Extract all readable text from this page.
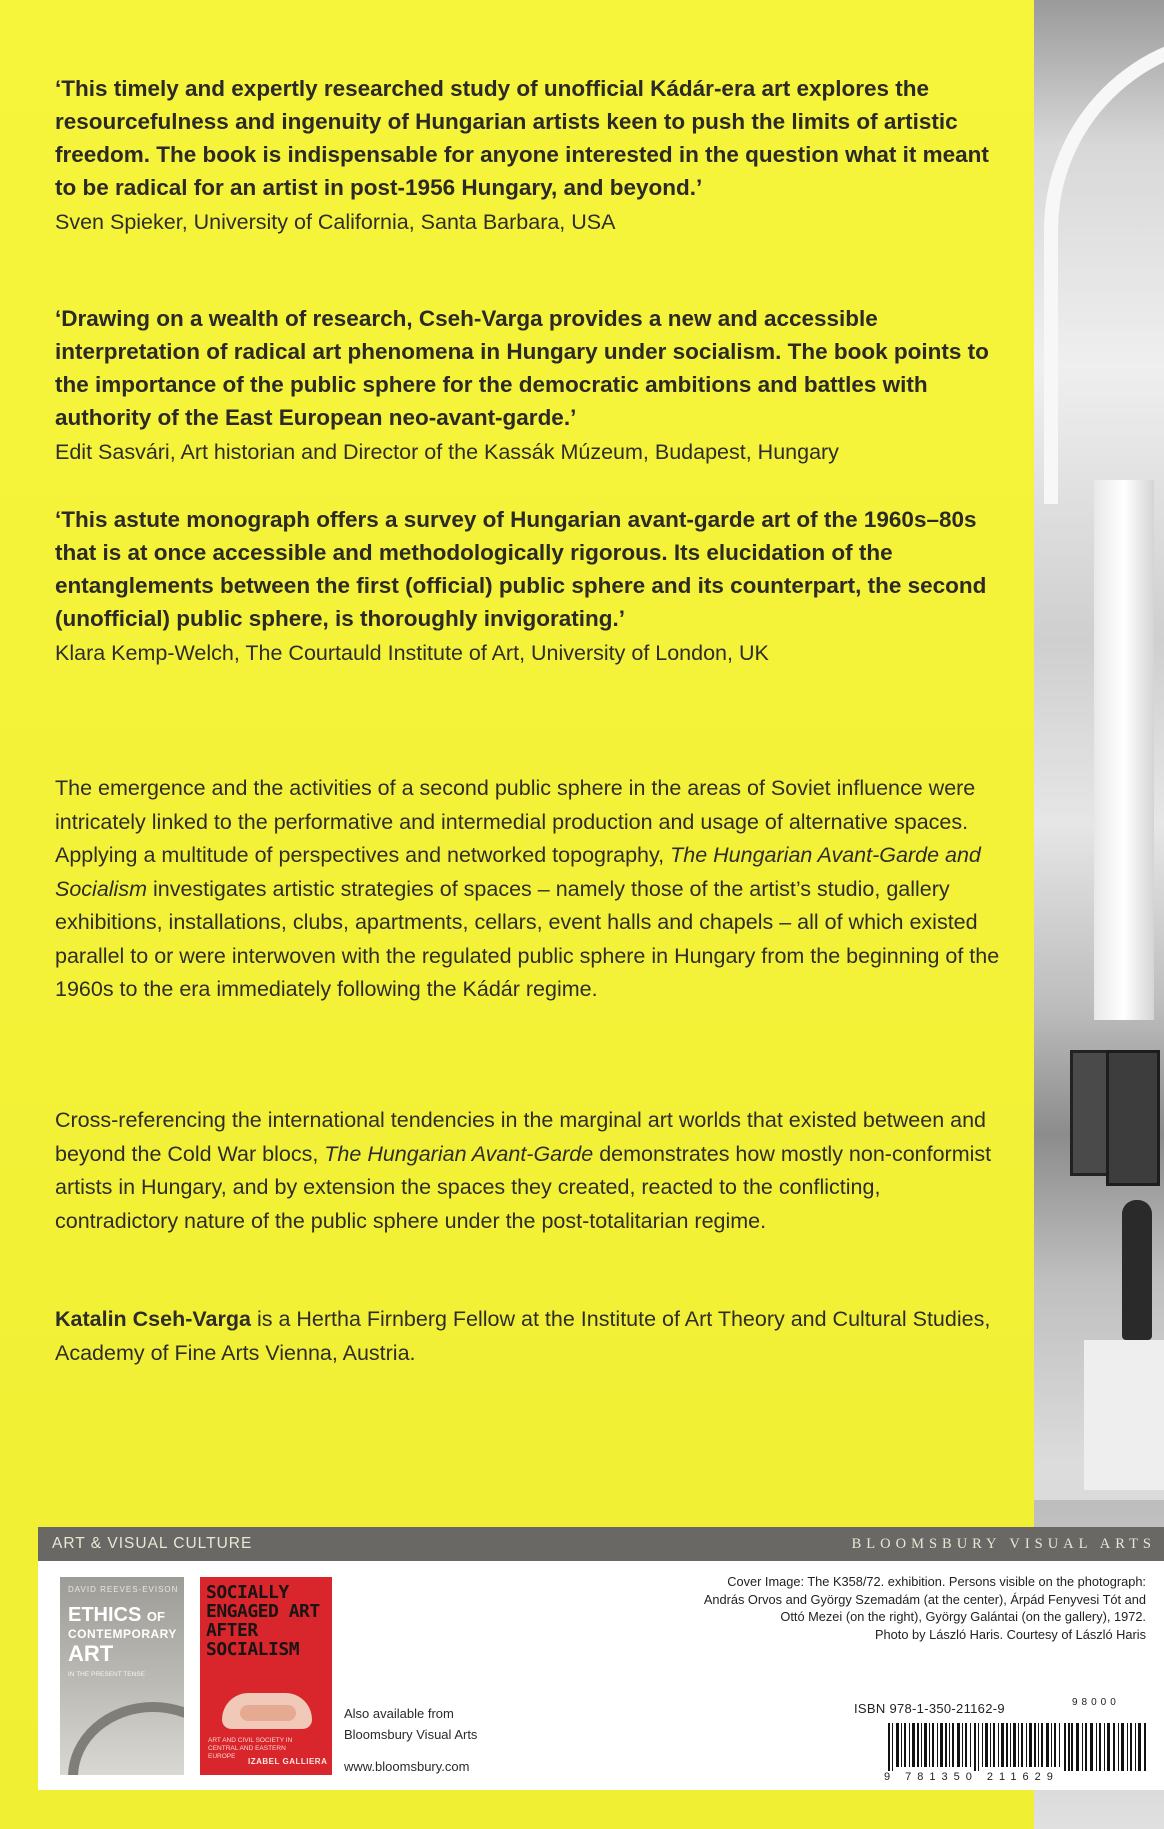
‘This timely and expertly researched study of unofficial Kádár-era art explores the resourcefulness and ingenuity of Hungarian artists keen to push the limits of artistic freedom. The book is indispensable for anyone interested in the question what it meant to be radical for an artist in post-1956 Hungary, and beyond.’

Sven Spieker, University of California, Santa Barbara, USA

‘Drawing on a wealth of research, Cseh-Varga provides a new and accessible interpretation of radical art phenomena in Hungary under socialism. The book points to the importance of the public sphere for the democratic ambitions and battles with authority of the East European neo-avant-garde.’

Edit Sasvári, Art historian and Director of the Kassák Múzeum, Budapest, Hungary

‘This astute monograph offers a survey of Hungarian avant-garde art of the 1960s–80s that is at once accessible and methodologically rigorous. Its elucidation of the entanglements between the first (official) public sphere and its counterpart, the second (unofficial) public sphere, is thoroughly invigorating.’

Klara Kemp-Welch, The Courtauld Institute of Art, University of London, UK

The emergence and the activities of a second public sphere in the areas of Soviet influence were intricately linked to the performative and intermedial production and usage of alternative spaces. Applying a multitude of perspectives and networked topography, The Hungarian Avant-Garde and Socialism investigates artistic strategies of spaces – namely those of the artist’s studio, gallery exhibitions, installations, clubs, apartments, cellars, event halls and chapels – all of which existed parallel to or were interwoven with the regulated public sphere in Hungary from the beginning of the 1960s to the era immediately following the Kádár regime.

Cross-referencing the international tendencies in the marginal art worlds that existed between and beyond the Cold War blocs, The Hungarian Avant-Garde demonstrates how mostly non-conformist artists in Hungary, and by extension the spaces they created, reacted to the conflicting, contradictory nature of the public sphere under the post-totalitarian regime.

Katalin Cseh-Varga is a Hertha Firnberg Fellow at the Institute of Art Theory and Cultural Studies, Academy of Fine Arts Vienna, Austria.

ART & VISUAL CULTURE	BLOOMSBURY VISUAL ARTS
DAVID REEVES-EVISON
ETHICS OF
CONTEMPORARY
ART
IN THE PRESENT TENSE
SOCIALLY ENGAGED ART AFTER SOCIALISM
ART AND CIVIL SOCIETY IN CENTRAL AND EASTERN EUROPE
IZABEL GALLIERA
Also available from
Bloomsbury Visual Arts
www.bloomsbury.com
Cover Image: The K358/72. exhibition. Persons visible on the photograph:
András Orvos and György Szemadám (at the center), Árpád Fenyvesi Tót and
Ottó Mezei (on the right), György Galántai (on the gallery), 1972.
Photo by László Haris. Courtesy of László Haris
ISBN 978-1-350-21162-9	98000
9 781350 211629
